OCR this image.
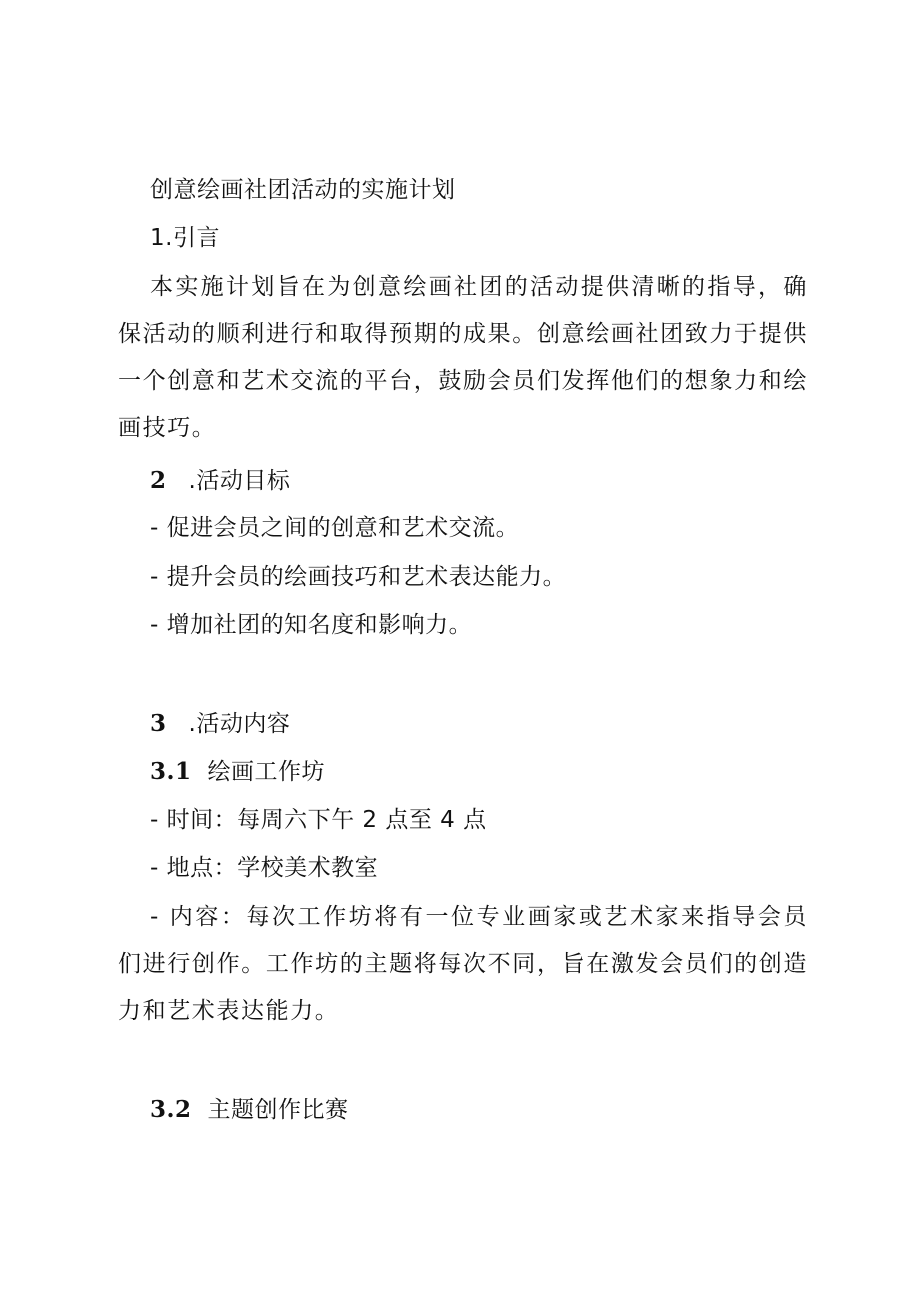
创意绘画社团活动的实施计划
1.引言
本实施计划旨在为创意绘画社团的活动提供清晰的指导，确保活动的顺利进行和取得预期的成果。创意绘画社团致力于提供一个创意和艺术交流的平台，鼓励会员们发挥他们的想象力和绘画技巧。
2 .活动目标
- 促进会员之间的创意和艺术交流。
- 提升会员的绘画技巧和艺术表达能力。
- 增加社团的知名度和影响力。
3 .活动内容
3.1 绘画工作坊
- 时间：每周六下午 2 点至 4 点
- 地点：学校美术教室
- 内容：每次工作坊将有一位专业画家或艺术家来指导会员们进行创作。工作坊的主题将每次不同，旨在激发会员们的创造力和艺术表达能力。
3.2 主题创作比赛
